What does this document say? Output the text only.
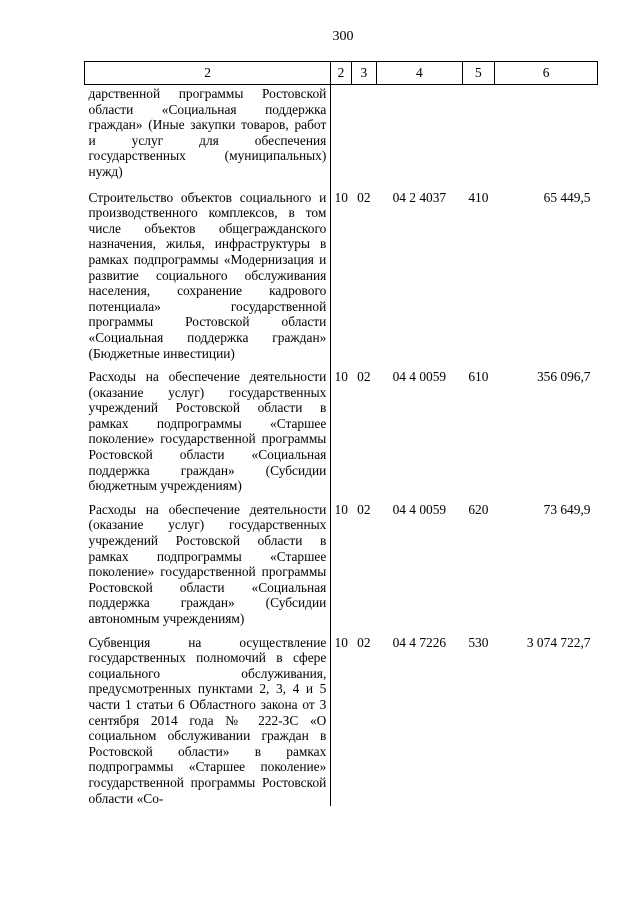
300
2	2	3	4	5	6
дарственной программы Ростовской области «Социальная поддержка граждан» (Иные закупки товаров, работ и услуг для обеспечения государственных (муниципальных) нужд)					
Строительство объектов социального и производственного комплексов, в том числе объектов общегражданского назначения, жилья, инфраструктуры в рамках подпрограммы «Модернизация и развитие социального обслуживания населения, сохранение кадрового потенциала» государственной программы Ростовской области «Социальная поддержка граждан» (Бюджетные инвестиции)	10	02	04 2 4037	410	65 449,5
Расходы на обеспечение деятельности (оказание услуг) государственных учреждений Ростовской области в рамках подпрограммы «Старшее поколение» государственной программы Ростовской области «Социальная поддержка граждан» (Субсидии бюджетным учреждениям)	10	02	04 4 0059	610	356 096,7
Расходы на обеспечение деятельности (оказание услуг) государственных учреждений Ростовской области в рамках подпрограммы «Старшее поколение» государственной программы Ростовской области «Социальная поддержка граждан» (Субсидии автономным учреждениям)	10	02	04 4 0059	620	73 649,9
Субвенция на осуществление государственных полномочий в сфере социального обслуживания, предусмотренных пунктами 2, 3, 4 и 5 части 1 статьи 6 Областного закона от 3 сентября 2014 года № 222-ЗС «О социальном обслуживании граждан в Ростовской области» в рамках подпрограммы «Старшее поколение» государственной программы Ростовской области «Со-	10	02	04 4 7226	530	3 074 722,7
